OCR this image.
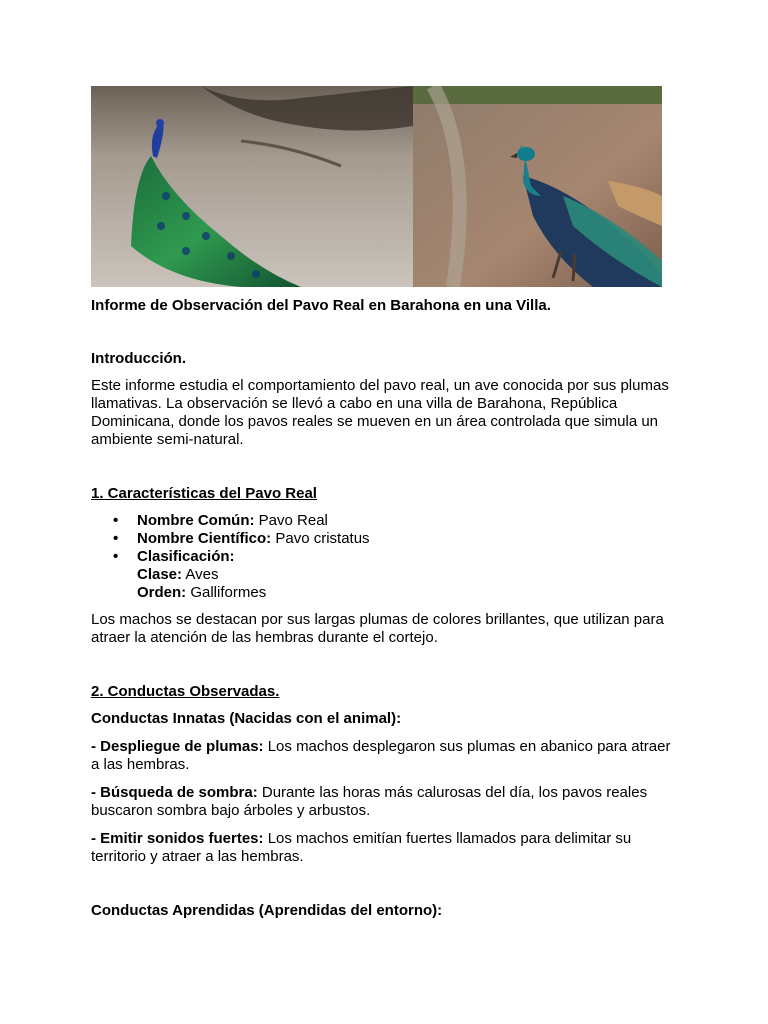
Informe de Observación del Pavo Real en Barahona en una Villa.
Introducción.

Este informe estudia el comportamiento del pavo real, un ave conocida por sus plumas llamativas. La observación se llevó a cabo en una villa de Barahona, República Dominicana, donde los pavos reales se mueven en un área controlada que simula un ambiente semi-natural.

1. Características del Pavo Real
• Nombre Común: Pavo Real
• Nombre Científico: Pavo cristatus
• Clasificación:
Clase: Aves
Orden: Galliformes

Los machos se destacan por sus largas plumas de colores brillantes, que utilizan para atraer la atención de las hembras durante el cortejo.

2. Conductas Observadas.
Conductas Innatas (Nacidas con el animal):

- Despliegue de plumas: Los machos desplegaron sus plumas en abanico para atraer a las hembras.

- Búsqueda de sombra: Durante las horas más calurosas del día, los pavos reales buscaron sombra bajo árboles y arbustos.

- Emitir sonidos fuertes: Los machos emitían fuertes llamados para delimitar su territorio y atraer a las hembras.

Conductas Aprendidas (Aprendidas del entorno):
